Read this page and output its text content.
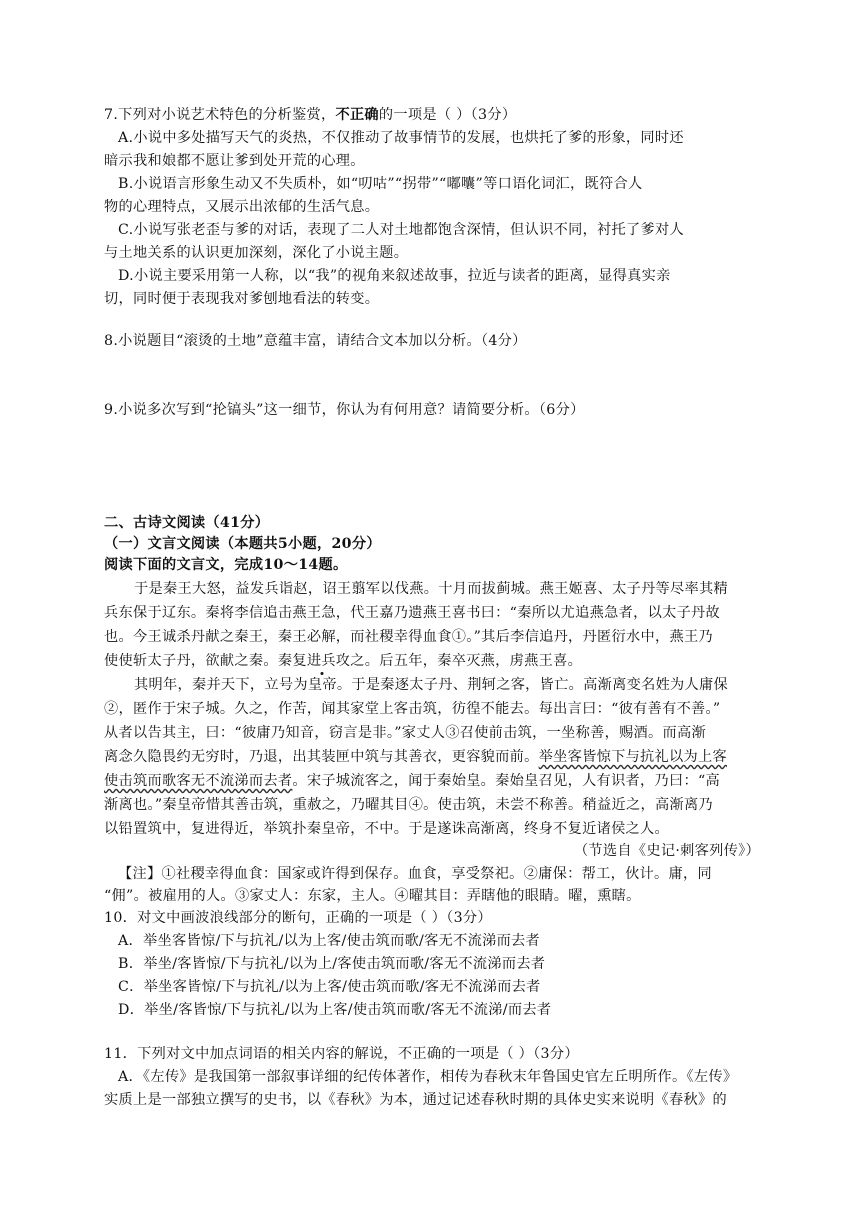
7.下列对小说艺术特色的分析鉴赏，不正确的一项是（ ）（3分）
A.小说中多处描写天气的炎热，不仅推动了故事情节的发展，也烘托了爹的形象，同时还
暗示我和娘都不愿让爹到处开荒的心理。
B.小说语言形象生动又不失质朴，如“叨咕”“拐带”“嘟囔”等口语化词汇，既符合人
物的心理特点，又展示出浓郁的生活气息。
C.小说写张老歪与爹的对话，表现了二人对土地都饱含深情，但认识不同，衬托了爹对人
与土地关系的认识更加深刻，深化了小说主题。
D.小说主要采用第一人称，以“我”的视角来叙述故事，拉近与读者的距离，显得真实亲
切，同时便于表现我对爹刨地看法的转变。
8.小说题目“滚烫的土地”意蕴丰富，请结合文本加以分析。（4分）
9.小说多次写到“抡镐头”这一细节，你认为有何用意？请简要分析。（6分）
二、古诗文阅读（41分）
（一）文言文阅读（本题共5小题，20分）
阅读下面的文言文，完成10～14题。
于是秦王大怒，益发兵诣赵，诏王翦军以伐燕。十月而拔蓟城。燕王姬喜、太子丹等尽率其精
兵东保于辽东。秦将李信追击燕王急，代王嘉乃遗燕王喜书曰：“秦所以尤追燕急者，以太子丹故
也。今王诚杀丹献之秦王，秦王必解，而社稷幸得血食①。”其后李信追丹，丹匿衍水中，燕王乃
使使斩太子丹，欲献之秦。秦复进兵攻之。后五年，秦卒灭燕，虏燕王喜。
其明年，秦并天下，立号为皇帝。于是秦逐太子丹、荆轲之客，皆亡。高渐离变名姓为人庸保
②，匿作于宋子城。久之，作苦，闻其家堂上客击筑，彷徨不能去。每出言曰：“彼有善有不善。”
从者以告其主，曰：“彼庸乃知音，窃言是非。”家丈人③召使前击筑，一坐称善，赐酒。而高渐
离念久隐畏约无穷时，乃退，出其装匣中筑与其善衣，更容貌而前。举坐客皆惊下与抗礼以为上客
使击筑而歌客无不流涕而去者。宋子城流客之，闻于秦始皇。秦始皇召见，人有识者，乃曰：“高
渐离也。”秦皇帝惜其善击筑，重赦之，乃曜其目④。使击筑，未尝不称善。稍益近之，高渐离乃
以铅置筑中，复进得近，举筑扑秦皇帝，不中。于是遂诛高渐离，终身不复近诸侯之人。
（节选自《史记·刺客列传》）
【注】①社稷幸得血食：国家或许得到保存。血食，享受祭祀。②庸保：帮工，伙计。庸，同
“佣”。被雇用的人。③家丈人：东家，主人。④曜其目：弄瞎他的眼睛。曜，熏瞎。
10．对文中画波浪线部分的断句，正确的一项是（ ）（3分）
A．举坐客皆惊/下与抗礼/以为上客/使击筑而歌/客无不流涕而去者
B．举坐/客皆惊/下与抗礼/以为上/客使击筑而歌/客无不流涕而去者
C．举坐客皆惊/下与抗礼/以为上客/使击筑而歌/客无不流涕而去者
D．举坐/客皆惊/下与抗礼/以为上客/使击筑而歌/客无不流涕/而去者
11．下列对文中加点词语的相关内容的解说，不正确的一项是（ ）（3分）
A．《左传》是我国第一部叙事详细的纪传体著作，相传为春秋末年鲁国史官左丘明所作。《左传》
实质上是一部独立撰写的史书，以《春秋》为本，通过记述春秋时期的具体史实来说明《春秋》的
